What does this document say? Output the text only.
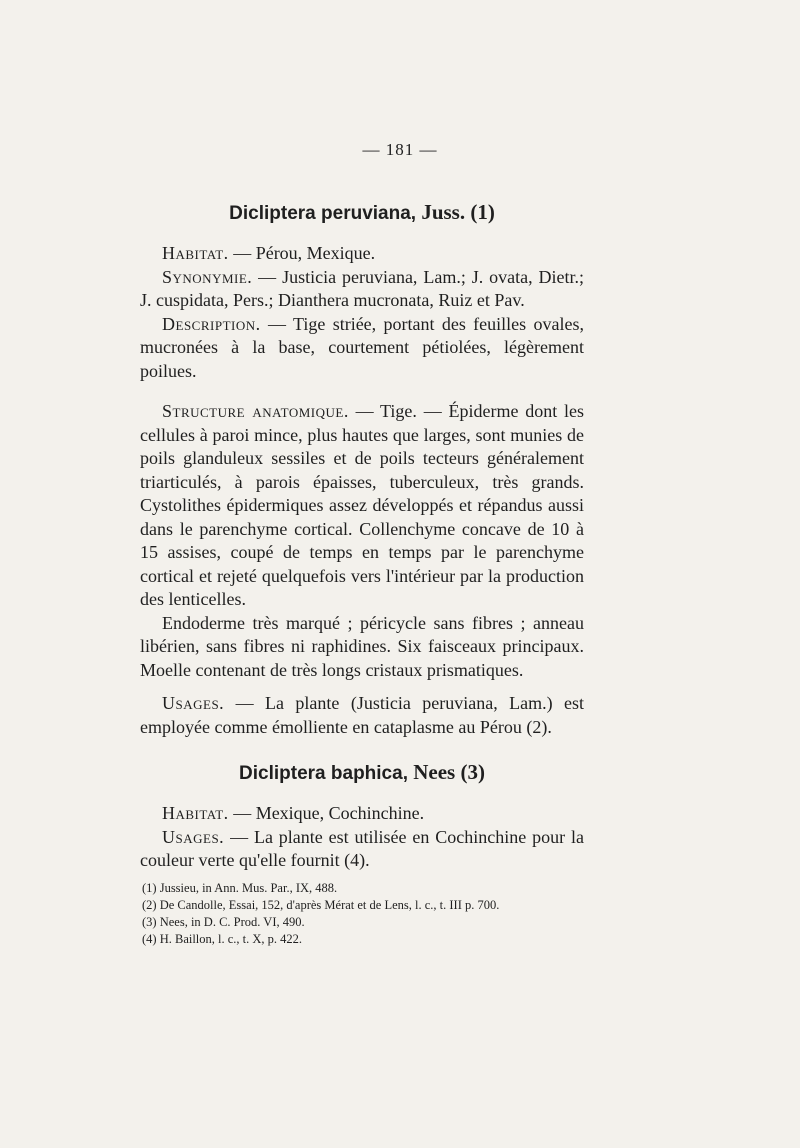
— 181 —
Dicliptera peruviana, Juss. (1)

Habitat. — Pérou, Mexique.

Synonymie. — Justicia peruviana, Lam.; J. ovata, Dietr.; J. cuspidata, Pers.; Dianthera mucronata, Ruiz et Pav.

Description. — Tige striée, portant des feuilles ovales, mucronées à la base, courtement pétiolées, légèrement poilues.

Structure anatomique. — Tige. — Épiderme dont les cellules à paroi mince, plus hautes que larges, sont munies de poils glanduleux sessiles et de poils tecteurs généralement triarticulés, à parois épaisses, tuberculeux, très grands. Cystolithes épidermiques assez développés et répandus aussi dans le parenchyme cortical. Collenchyme concave de 10 à 15 assises, coupé de temps en temps par le parenchyme cortical et rejeté quelquefois vers l'intérieur par la production des lenticelles.

Endoderme très marqué ; péricycle sans fibres ; anneau libérien, sans fibres ni raphidines. Six faisceaux principaux. Moelle contenant de très longs cristaux prismatiques.

Usages. — La plante (Justicia peruviana, Lam.) est employée comme émolliente en cataplasme au Pérou (2).

Dicliptera baphica, Nees (3)

Habitat. — Mexique, Cochinchine.

Usages. — La plante est utilisée en Cochinchine pour la couleur verte qu'elle fournit (4).

(1) Jussieu, in Ann. Mus. Par., IX, 488.

(2) De Candolle, Essai, 152, d'après Mérat et de Lens, l. c., t. III p. 700.

(3) Nees, in D. C. Prod. VI, 490.

(4) H. Baillon, l. c., t. X, p. 422.
